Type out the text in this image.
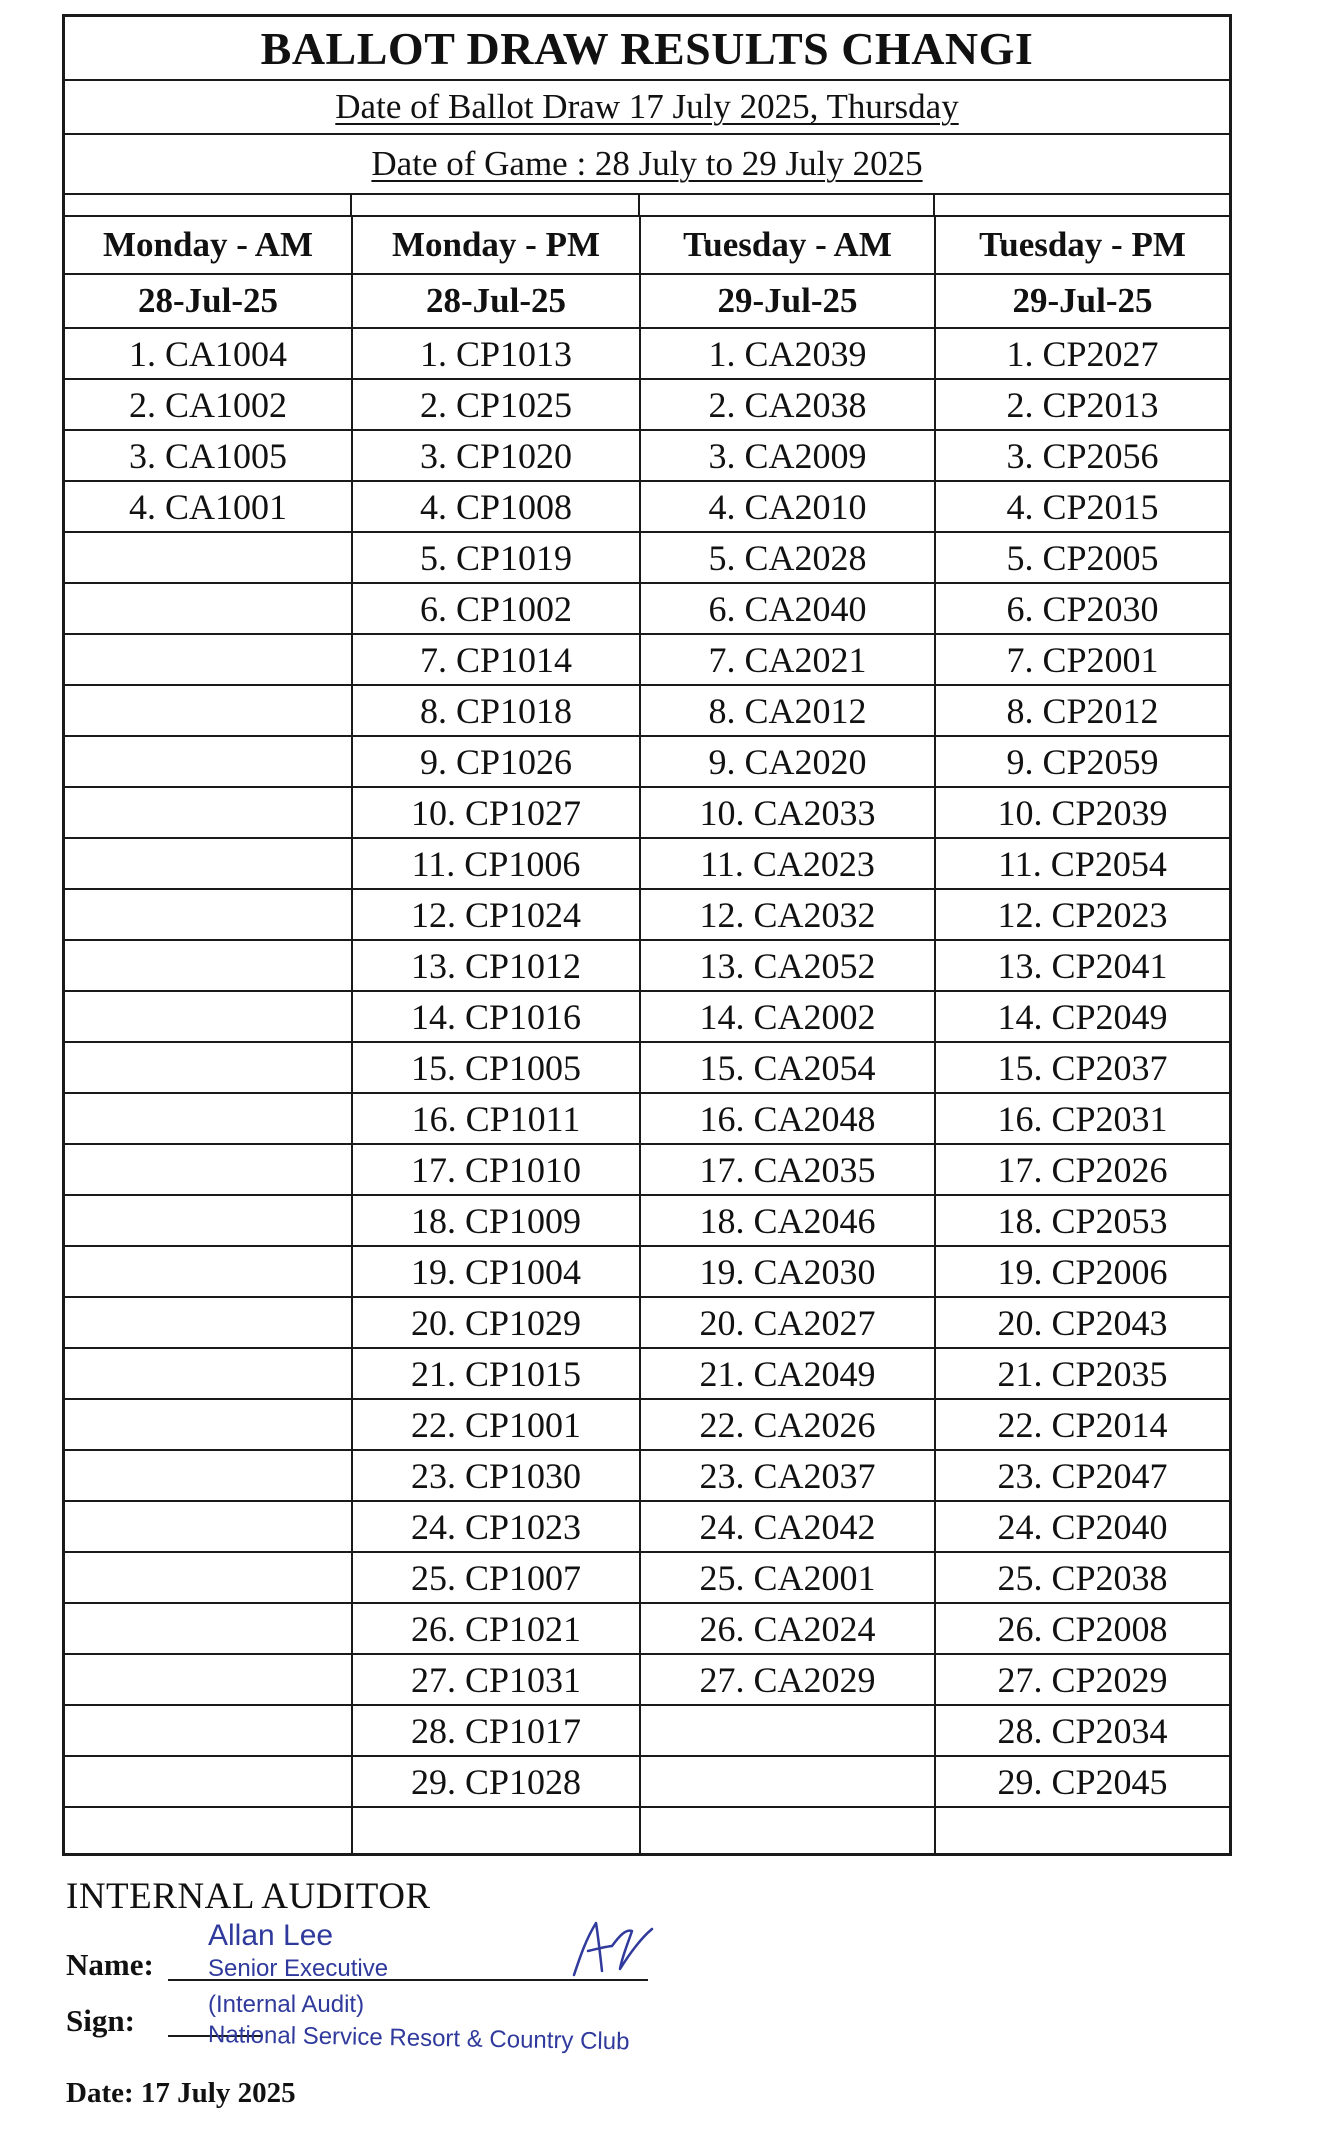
BALLOT DRAW RESULTS CHANGI
Date of Ballot Draw 17 July 2025, Thursday
Date of Game : 28 July to 29 July 2025
Monday - AM	Monday - PM	Tuesday - AM	Tuesday - PM
28-Jul-25	28-Jul-25	29-Jul-25	29-Jul-25
1. CA1004	1. CP1013	1. CA2039	1. CP2027
2. CA1002	2. CP1025	2. CA2038	2. CP2013
3. CA1005	3. CP1020	3. CA2009	3. CP2056
4. CA1001	4. CP1008	4. CA2010	4. CP2015
	5. CP1019	5. CA2028	5. CP2005
	6. CP1002	6. CA2040	6. CP2030
	7. CP1014	7. CA2021	7. CP2001
	8. CP1018	8. CA2012	8. CP2012
	9. CP1026	9. CA2020	9. CP2059
	10. CP1027	10. CA2033	10. CP2039
	11. CP1006	11. CA2023	11. CP2054
	12. CP1024	12. CA2032	12. CP2023
	13. CP1012	13. CA2052	13. CP2041
	14. CP1016	14. CA2002	14. CP2049
	15. CP1005	15. CA2054	15. CP2037
	16. CP1011	16. CA2048	16. CP2031
	17. CP1010	17. CA2035	17. CP2026
	18. CP1009	18. CA2046	18. CP2053
	19. CP1004	19. CA2030	19. CP2006
	20. CP1029	20. CA2027	20. CP2043
	21. CP1015	21. CA2049	21. CP2035
	22. CP1001	22. CA2026	22. CP2014
	23. CP1030	23. CA2037	23. CP2047
	24. CP1023	24. CA2042	24. CP2040
	25. CP1007	25. CA2001	25. CP2038
	26. CP1021	26. CA2024	26. CP2008
	27. CP1031	27. CA2029	27. CP2029
	28. CP1017		28. CP2034
	29. CP1028		29. CP2045

INTERNAL AUDITOR
Name:
Sign:
Allan Lee
Senior Executive
(Internal Audit)
National Service Resort & Country Club
Date: 17 July 2025
